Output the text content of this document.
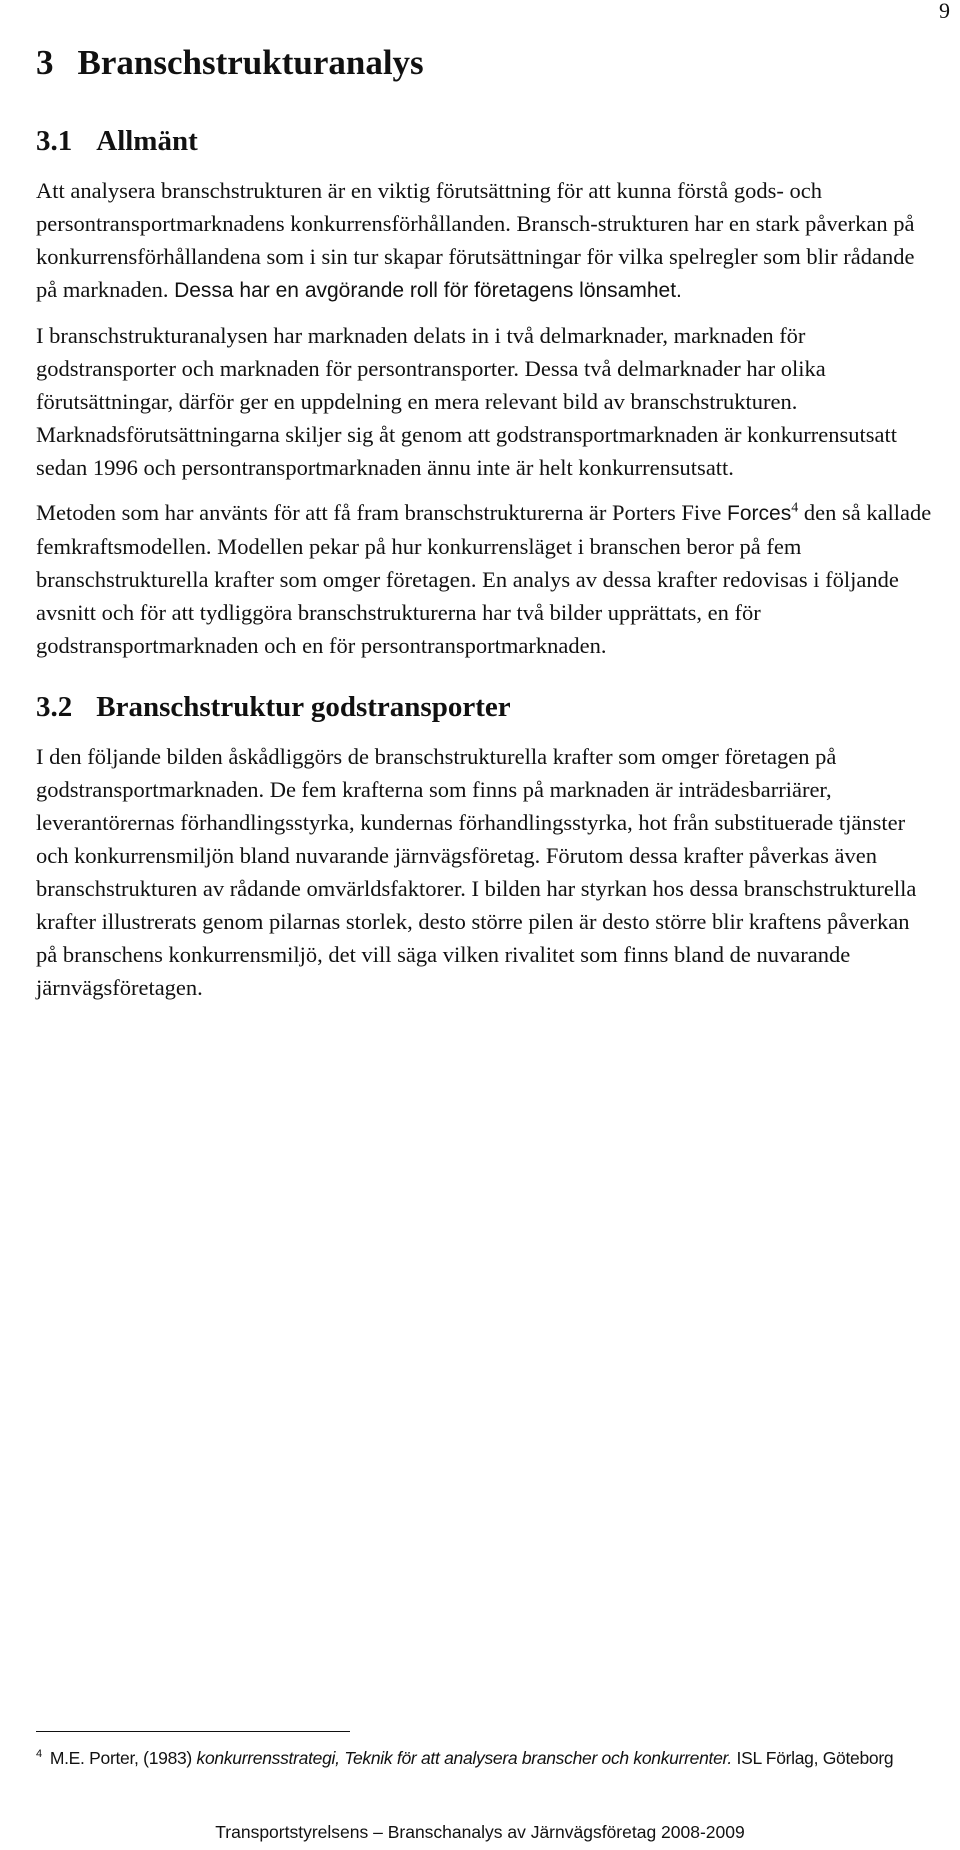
9
3 Branschstrukturanalys
3.1 Allmänt

Att analysera branschstrukturen är en viktig förutsättning för att kunna förstå gods- och persontransportmarknadens konkurrensförhållanden. Bransch-strukturen har en stark påverkan på konkurrensförhållandena som i sin tur skapar förutsättningar för vilka spelregler som blir rådande på marknaden. Dessa har en avgörande roll för företagens lönsamhet.

I branschstrukturanalysen har marknaden delats in i två delmarknader, marknaden för godstransporter och marknaden för persontransporter. Dessa två delmarknader har olika förutsättningar, därför ger en uppdelning en mera relevant bild av branschstrukturen. Marknadsförutsättningarna skiljer sig åt genom att godstransportmarknaden är konkurrensutsatt sedan 1996 och persontransportmarknaden ännu inte är helt konkurrensutsatt.

Metoden som har använts för att få fram branschstrukturerna är Porters Five Forces$^4$ den så kallade femkraftsmodellen. Modellen pekar på hur konkurrensläget i branschen beror på fem branschstrukturella krafter som omger företagen. En analys av dessa krafter redovisas i följande avsnitt och för att tydliggöra branschstrukturerna har två bilder upprättats, en för godstransportmarknaden och en för persontransportmarknaden.

3.2 Branschstruktur godstransporter

I den följande bilden åskådliggörs de branschstrukturella krafter som omger företagen på godstransportmarknaden. De fem krafterna som finns på marknaden är inträdesbarriärer, leverantörernas förhandlingsstyrka, kundernas förhandlingsstyrka, hot från substituerade tjänster och konkurrensmiljön bland nuvarande järnvägsföretag. Förutom dessa krafter påverkas även branschstrukturen av rådande omvärldsfaktorer. I bilden har styrkan hos dessa branschstrukturella krafter illustrerats genom pilarnas storlek, desto större pilen är desto större blir kraftens påverkan på branschens konkurrensmiljö, det vill säga vilken rivalitet som finns bland de nuvarande järnvägsföretagen.

$^4$ M.E. Porter, (1983) konkurrensstrategi, Teknik för att analysera branscher och konkurrenter. ISL Förlag, Göteborg
Transportstyrelsens – Branschanalys av Järnvägsföretag 2008-2009
